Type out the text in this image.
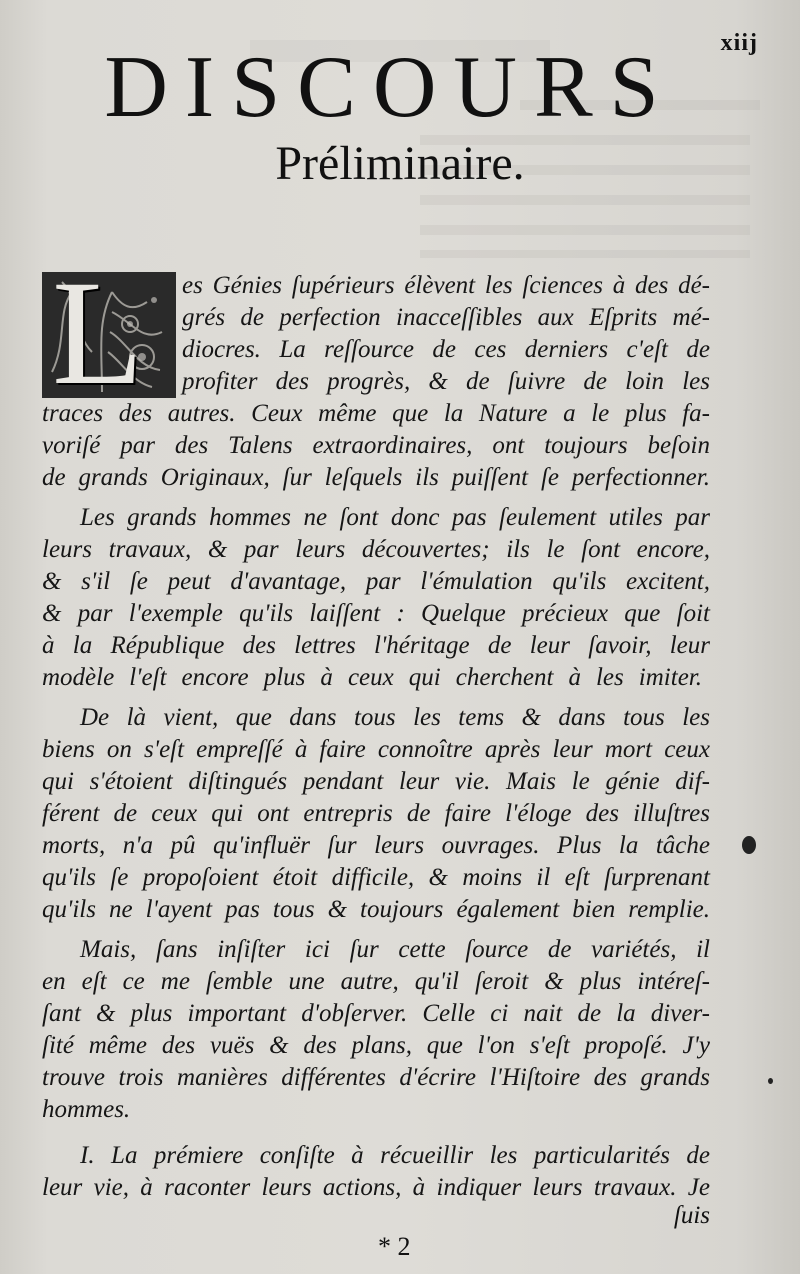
xiij
DISCOURS
Préliminaire.
L es Génies ſupérieurs élèvent les ſciences à des dé-
grés de perfection inacceſſibles aux Eſprits mé-
diocres. La reſſource de ces derniers c'eſt de
profiter des progrès, & de ſuivre de loin les
traces des autres. Ceux même que la Nature a le plus fa-
voriſé par des Talens extraordinaires, ont toujours beſoin
de grands Originaux, ſur leſquels ils puiſſent ſe perfectionner.
Les grands hommes ne ſont donc pas ſeulement utiles par
leurs travaux, & par leurs découvertes; ils le ſont encore,
& s'il ſe peut d'avantage, par l'émulation qu'ils excitent,
& par l'exemple qu'ils laiſſent : Quelque précieux que ſoit
à la République des lettres l'héritage de leur ſavoir, leur
modèle l'eſt encore plus à ceux qui cherchent à les imiter.
De là vient, que dans tous les tems & dans tous les
biens on s'eſt empreſſé à faire connoître après leur mort ceux
qui s'étoient diſtingués pendant leur vie. Mais le génie dif-
férent de ceux qui ont entrepris de faire l'éloge des illuſtres
morts, n'a pû qu'influër ſur leurs ouvrages. Plus la tâche
qu'ils ſe propoſoient étoit difficile, & moins il eſt ſurprenant
qu'ils ne l'ayent pas tous & toujours également bien remplie.
Mais, ſans inſiſter ici ſur cette ſource de variétés, il
en eſt ce me ſemble une autre, qu'il ſeroit & plus intéreſ-
ſant & plus important d'obſerver. Celle ci nait de la diver-
ſité même des vuës & des plans, que l'on s'eſt propoſé. J'y
trouve trois manières différentes d'écrire l'Hiſtoire des grands
hommes.
I. La prémiere conſiſte à récueillir les particularités de
leur vie, à raconter leurs actions, à indiquer leurs travaux. Je
ſuis
* 2
